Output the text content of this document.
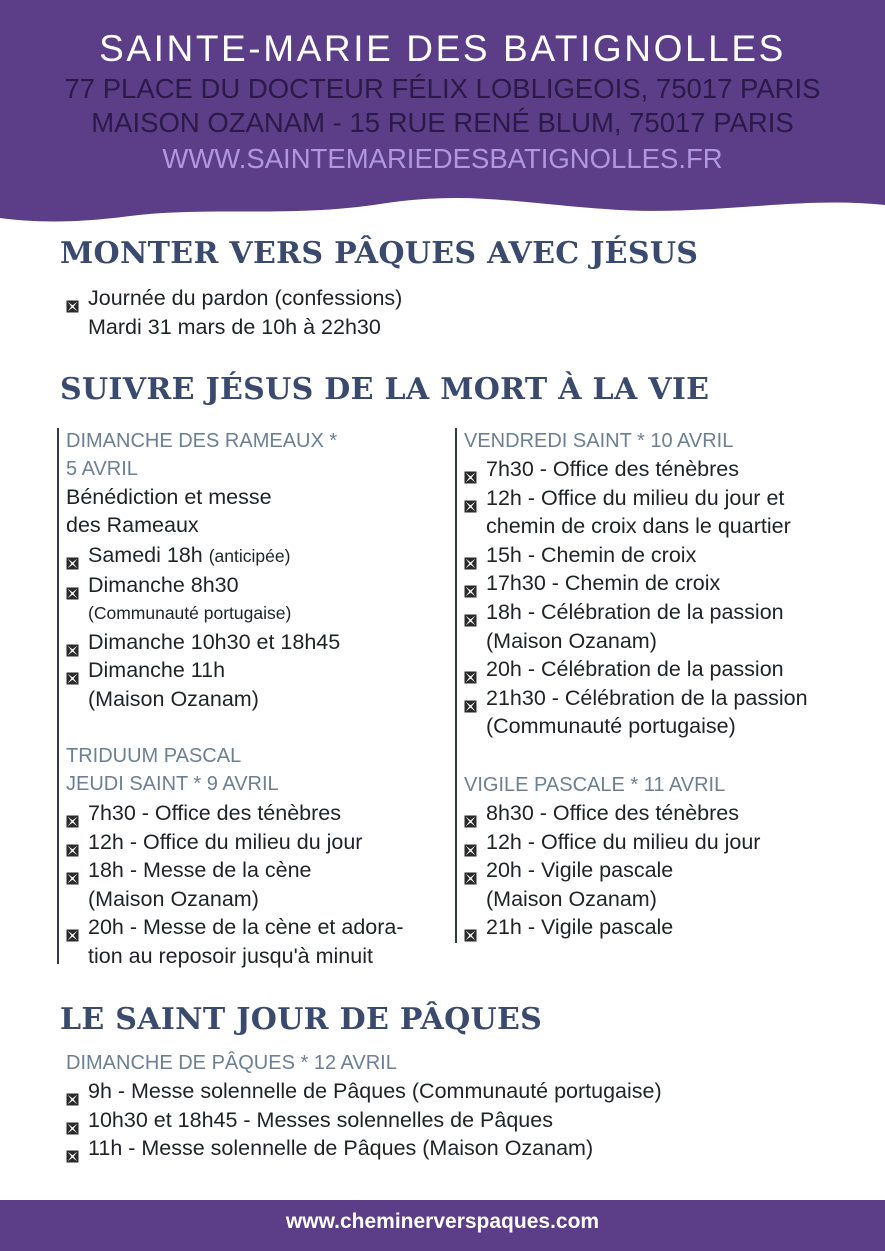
SAINTE-MARIE DES BATIGNOLLES
77 PLACE DU DOCTEUR FÉLIX LOBLIGEOIS, 75017 PARIS
MAISON OZANAM - 15 RUE RENÉ BLUM, 75017 PARIS
WWW.SAINTEMARIEDESBATIGNOLLES.FR
MONTER VERS PÂQUES AVEC JÉSUS
Journée du pardon (confessions)
Mardi 31 mars de 10h à 22h30
SUIVRE JÉSUS DE LA MORT À LA VIE
DIMANCHE DES RAMEAUX *
5 AVRIL
Bénédiction et messe
des Rameaux
Samedi 18h (anticipée)
Dimanche 8h30
(Communauté portugaise)
Dimanche 10h30 et 18h45
Dimanche 11h
(Maison Ozanam)
TRIDUUM PASCAL
JEUDI SAINT * 9 AVRIL
7h30 - Office des ténèbres
12h - Office du milieu du jour
18h - Messe de la cène
(Maison Ozanam)
20h - Messe de la cène et adora-
tion au reposoir jusqu'à minuit
VENDREDI SAINT * 10 AVRIL
7h30 - Office des ténèbres
12h - Office du milieu du jour et
chemin de croix dans le quartier
15h - Chemin de croix
17h30 - Chemin de croix
18h - Célébration de la passion
(Maison Ozanam)
20h - Célébration de la passion
21h30 - Célébration de la passion
(Communauté portugaise)
VIGILE PASCALE * 11 AVRIL
8h30 - Office des ténèbres
12h - Office du milieu du jour
20h - Vigile pascale
(Maison Ozanam)
21h - Vigile pascale
LE SAINT JOUR DE PÂQUES
DIMANCHE DE PÂQUES * 12 AVRIL
9h - Messe solennelle de Pâques (Communauté portugaise)
10h30 et 18h45 - Messes solennelles de Pâques
11h - Messe solennelle de Pâques (Maison Ozanam)
www.cheminerverspaques.com
